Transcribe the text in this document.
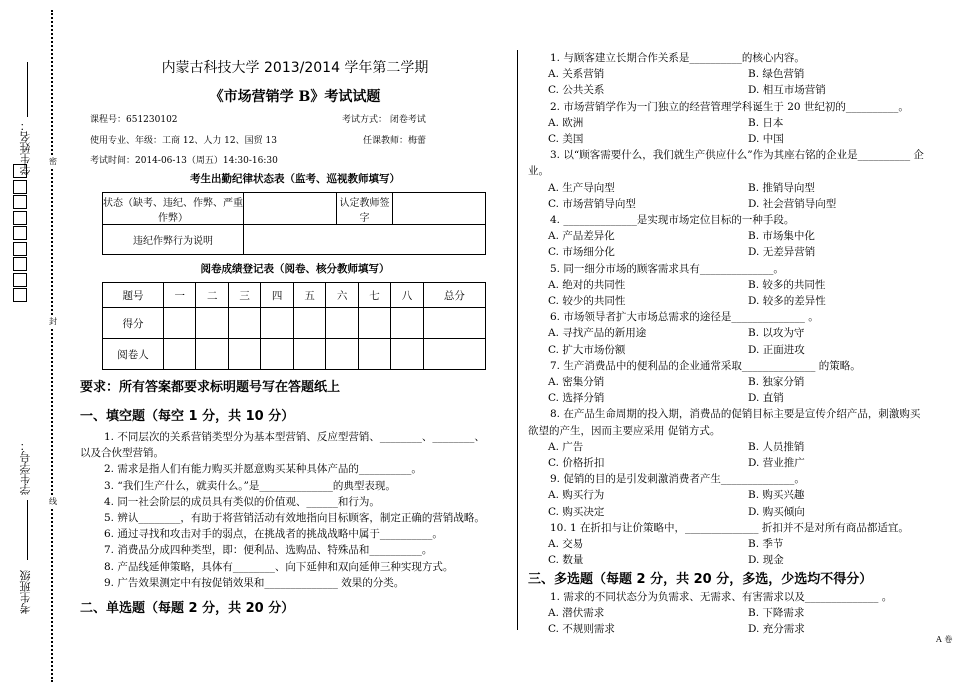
学生姓名：
学生学号：
考生班级
密
封
线
内蒙古科技大学 2013/2014 学年第二学期
《市场营销学 B》考试试题
课程号：651230102	考试方式： 闭卷考试
使用专业、年级：工商 12、人力 12、国贸 13	任课教师：梅蕾
考试时间：2014-06-13（周五）14:30-16:30
考生出勤纪律状态表（监考、巡视教师填写）
状态（缺考、违纪、作弊、严重作弊）		认定教师签字	
违纪作弊行为说明			
阅卷成绩登记表（阅卷、核分教师填写）
题号	一	二	三	四	五	六	七	八	总分
得分									
阅卷人									
要求：所有答案都要求标明题号写在答题纸上
一、填空题（每空 1 分，共 10 分）
1. 不同层次的关系营销类型分为基本型营销、反应型营销、________、________、
以及合伙型营销。
2. 需求是指人们有能力购买并愿意购买某种具体产品的__________。
3. “我们生产什么，就卖什么。”是______________的典型表现。
4. 同一社会阶层的成员具有类似的价值观、______和行为。
5. 辨认________，有助于将营销活动有效地指向目标顾客，制定正确的营销战略。
6. 通过寻找和攻击对手的弱点，在挑战者的挑战战略中属于__________。
7. 消费品分成四种类型，即：便利品、选购品、特殊品和__________。
8. 产品线延伸策略，具体有________、向下延伸和双向延伸三种实现方式。
9. 广告效果测定中有按促销效果和______________ 效果的分类。
二、单选题（每题 2 分，共 20 分）
1. 与顾客建立长期合作关系是__________的核心内容。
A. 关系营销	B. 绿色营销
C. 公共关系	D. 相互市场营销
2. 市场营销学作为一门独立的经营管理学科诞生于 20 世纪初的__________。
A. 欧洲	B. 日本
C. 美国	D. 中国
3. 以“顾客需要什么，我们就生产供应什么”作为其座右铭的企业是__________ 企
业。
A. 生产导向型	B. 推销导向型
C. 市场营销导向型	D. 社会营销导向型
4. ______________是实现市场定位目标的一种手段。
A. 产品差异化	B. 市场集中化
C. 市场细分化	D. 无差异营销
5. 同一细分市场的顾客需求具有______________。
A. 绝对的共同性	B. 较多的共同性
C. 较少的共同性	D. 较多的差异性
6. 市场领导者扩大市场总需求的途径是______________ 。
A. 寻找产品的新用途	B. 以攻为守
C. 扩大市场份额	D. 正面进攻
7. 生产消费品中的便利品的企业通常采取______________ 的策略。
A. 密集分销	B. 独家分销
C. 选择分销	D. 直销
8. 在产品生命周期的投入期，消费品的促销目标主要是宣传介绍产品，刺激购买
欲望的产生，因而主要应采用 促销方式。
A. 广告	B. 人员推销
C. 价格折扣	D. 营业推广
9. 促销的目的是引发刺激消费者产生______________。
A. 购买行为	B. 购买兴趣
C. 购买决定	D. 购买倾向
10. 1 在折扣与让价策略中，______________ 折扣并不是对所有商品都适宜。
A. 交易	B. 季节
C. 数量	D. 现金
三、多选题（每题 2 分，共 20 分，多选，少选均不得分）
1. 需求的不同状态分为负需求、无需求、有害需求以及______________ 。
A. 潜伏需求	B. 下降需求
C. 不规则需求	D. 充分需求
A 卷
